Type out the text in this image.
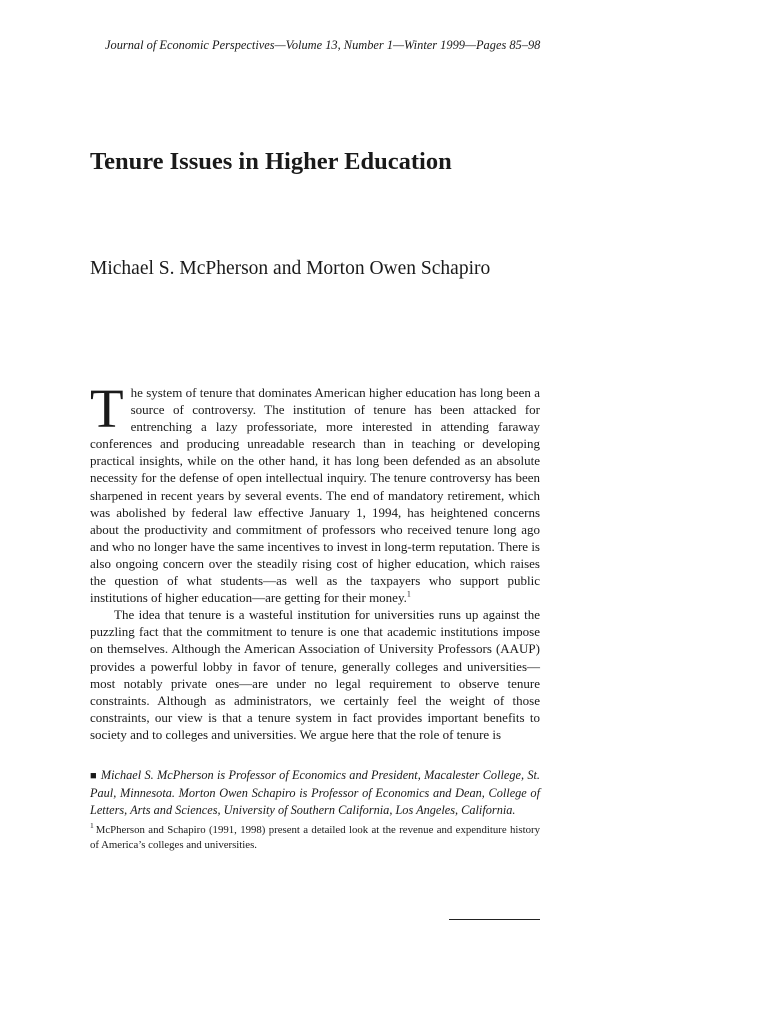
Journal of Economic Perspectives—Volume 13, Number 1—Winter 1999—Pages 85–98
Tenure Issues in Higher Education
Michael S. McPherson and Morton Owen Schapiro

The system of tenure that dominates American higher education has long been a source of controversy. The institution of tenure has been attacked for entrenching a lazy professoriate, more interested in attending faraway conferences and producing unreadable research than in teaching or developing practical insights, while on the other hand, it has long been defended as an absolute necessity for the defense of open intellectual inquiry. The tenure controversy has been sharpened in recent years by several events. The end of mandatory retirement, which was abolished by federal law effective January 1, 1994, has heightened concerns about the productivity and commitment of professors who received tenure long ago and who no longer have the same incentives to invest in long-term reputation. There is also ongoing concern over the steadily rising cost of higher education, which raises the question of what students—as well as the taxpayers who support public institutions of higher education—are getting for their money.$^1$

The idea that tenure is a wasteful institution for universities runs up against the puzzling fact that the commitment to tenure is one that academic institutions impose on themselves. Although the American Association of University Professors (AAUP) provides a powerful lobby in favor of tenure, generally colleges and universities—most notably private ones—are under no legal requirement to observe tenure constraints. Although as administrators, we certainly feel the weight of those constraints, our view is that a tenure system in fact provides important benefits to society and to colleges and universities. We argue here that the role of tenure is

■ Michael S. McPherson is Professor of Economics and President, Macalester College, St. Paul, Minnesota. Morton Owen Schapiro is Professor of Economics and Dean, College of Letters, Arts and Sciences, University of Southern California, Los Angeles, California.
$^1$ McPherson and Schapiro (1991, 1998) present a detailed look at the revenue and expenditure history of America’s colleges and universities.
